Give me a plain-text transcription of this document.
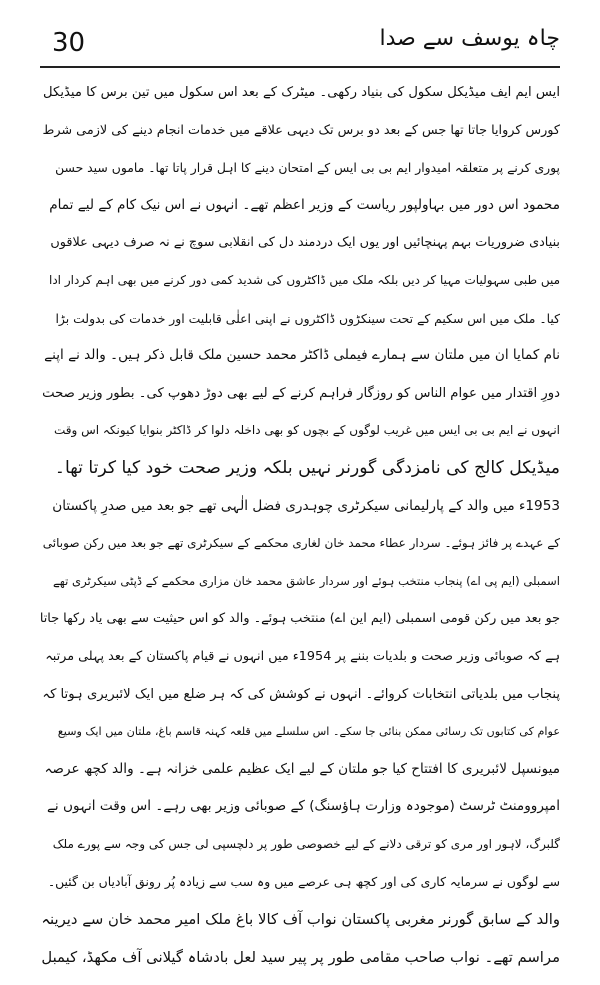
30	چاہ یوسف سے صدا
ایس ایم ایف میڈیکل سکول کی بنیاد رکھی۔ میٹرک کے بعد اس سکول میں تین برس کا میڈیکل
کورس کروایا جاتا تھا جس کے بعد دو برس تک دیہی علاقے میں خدمات انجام دینے کی لازمی شرط
پوری کرنے پر متعلقہ امیدوار ایم بی بی ایس کے امتحان دینے کا اہل قرار پاتا تھا۔ ماموں سید حسن
محمود اس دور میں بہاولپور ریاست کے وزیر اعظم تھے۔ انہوں نے اس نیک کام کے لیے تمام
بنیادی ضروریات بہم پہنچائیں اور یوں ایک دردمند دل کی انقلابی سوچ نے نہ صرف دیہی علاقوں
میں طبی سہولیات مہیا کر دیں بلکہ ملک میں ڈاکٹروں کی شدید کمی دور کرنے میں بھی اہم کردار ادا
کیا۔ ملک میں اس سکیم کے تحت سینکڑوں ڈاکٹروں نے اپنی اعلٰی قابلیت اور خدمات کی بدولت بڑا
نام کمایا ان میں ملتان سے ہمارے فیملی ڈاکٹر محمد حسین ملک قابل ذکر ہیں۔ والد نے اپنے
دورِ اقتدار میں عوام الناس کو روزگار فراہم کرنے کے لیے بھی دوڑ دھوپ کی۔ بطور وزیر صحت
انہوں نے ایم بی بی ایس میں غریب لوگوں کے بچوں کو بھی داخلہ دلوا کر ڈاکٹر بنوایا کیونکہ اس وقت
میڈیکل کالج کی نامزدگی گورنر نہیں بلکہ وزیر صحت خود کیا کرتا تھا۔
1953ء میں والد کے پارلیمانی سیکرٹری چوہدری فضل الٰہی تھے جو بعد میں صدرِ پاکستان
کے عہدے پر فائز ہوئے۔ سردار عطاء محمد خان لغاری محکمے کے سیکرٹری تھے جو بعد میں رکن صوبائی
اسمبلی (ایم پی اے) پنجاب منتخب ہوئے اور سردار عاشق محمد خان مزاری محکمے کے ڈپٹی سیکرٹری تھے
جو بعد میں رکن قومی اسمبلی (ایم این اے) منتخب ہوئے۔ والد کو اس حیثیت سے بھی یاد رکھا جاتا
ہے کہ صوبائی وزیر صحت و بلدیات بننے پر 1954ء میں انہوں نے قیام پاکستان کے بعد پہلی مرتبہ
پنجاب میں بلدیاتی انتخابات کروائے۔ انہوں نے کوشش کی کہ ہر ضلع میں ایک لائبریری ہوتا کہ
عوام کی کتابوں تک رسائی ممکن بنائی جا سکے۔ اس سلسلے میں قلعہ کہنہ قاسم باغ، ملتان میں ایک وسیع
میونسپل لائبریری کا افتتاح کیا جو ملتان کے لیے ایک عظیم علمی خزانہ ہے۔ والد کچھ عرصہ
امپروومنٹ ٹرسٹ (موجودہ وزارت ہاؤسنگ) کے صوبائی وزیر بھی رہے۔ اس وقت انہوں نے
گلبرگ، لاہور اور مری کو ترقی دلانے کے لیے خصوصی طور پر دلچسپی لی جس کی وجہ سے پورے ملک
سے لوگوں نے سرمایہ کاری کی اور کچھ ہی عرصے میں وہ سب سے زیادہ پُر رونق آبادیاں بن گئیں۔
والد کے سابق گورنر مغربی پاکستان نواب آف کالا باغ ملک امیر محمد خان سے دیرینہ
مراسم تھے۔ نواب صاحب مقامی طور پر پیر سید لعل بادشاہ گیلانی آف مکھڈ، کیمبل
